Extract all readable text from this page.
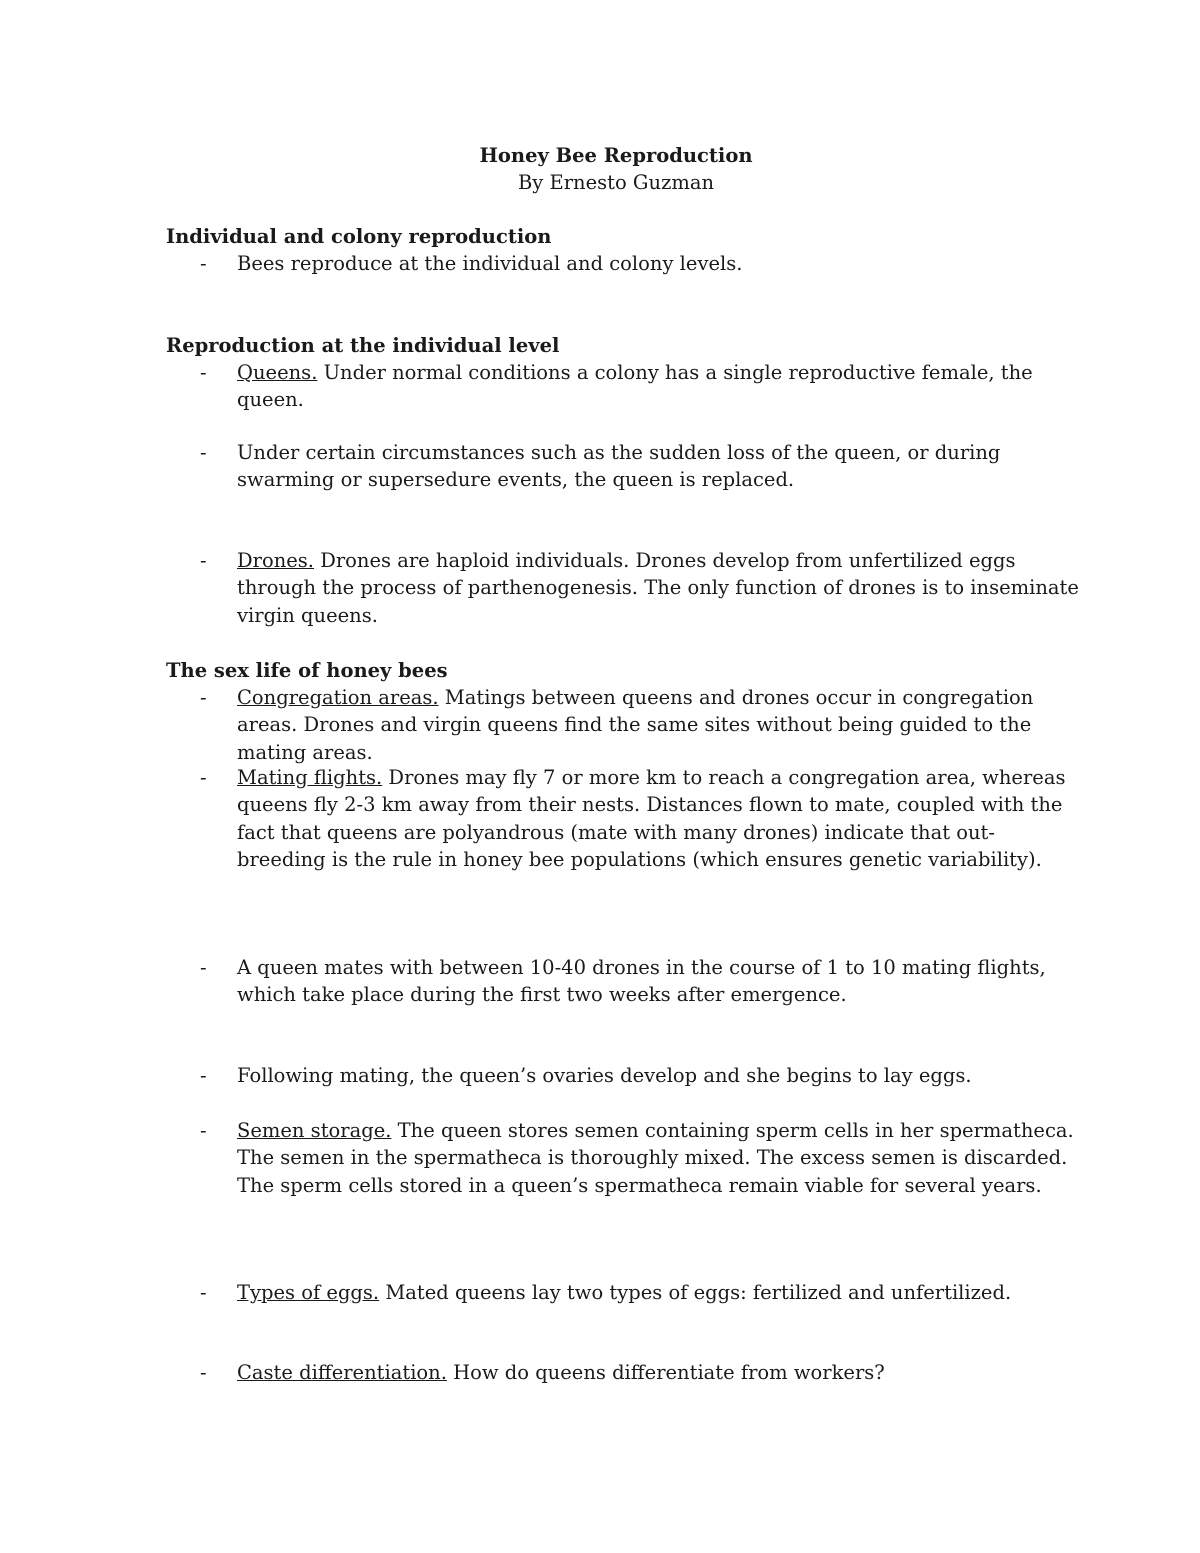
Honey Bee Reproduction
By Ernesto Guzman
Individual and colony reproduction
- Bees reproduce at the individual and colony levels.
Reproduction at the individual level
- Queens. Under normal conditions a colony has a single reproductive female, the queen.
- Under certain circumstances such as the sudden loss of the queen, or during swarming or supersedure events, the queen is replaced.
- Drones. Drones are haploid individuals. Drones develop from unfertilized eggs through the process of parthenogenesis. The only function of drones is to inseminate virgin queens.
The sex life of honey bees
- Congregation areas. Matings between queens and drones occur in congregation areas. Drones and virgin queens find the same sites without being guided to the mating areas.
- Mating flights. Drones may fly 7 or more km to reach a congregation area, whereas queens fly 2-3 km away from their nests. Distances flown to mate, coupled with the fact that queens are polyandrous (mate with many drones) indicate that out-breeding is the rule in honey bee populations (which ensures genetic variability).
- A queen mates with between 10-40 drones in the course of 1 to 10 mating flights, which take place during the first two weeks after emergence.
- Following mating, the queen’s ovaries develop and she begins to lay eggs.
- Semen storage. The queen stores semen containing sperm cells in her spermatheca. The semen in the spermatheca is thoroughly mixed. The excess semen is discarded. The sperm cells stored in a queen’s spermatheca remain viable for several years.
- Types of eggs. Mated queens lay two types of eggs: fertilized and unfertilized.
- Caste differentiation. How do queens differentiate from workers?
